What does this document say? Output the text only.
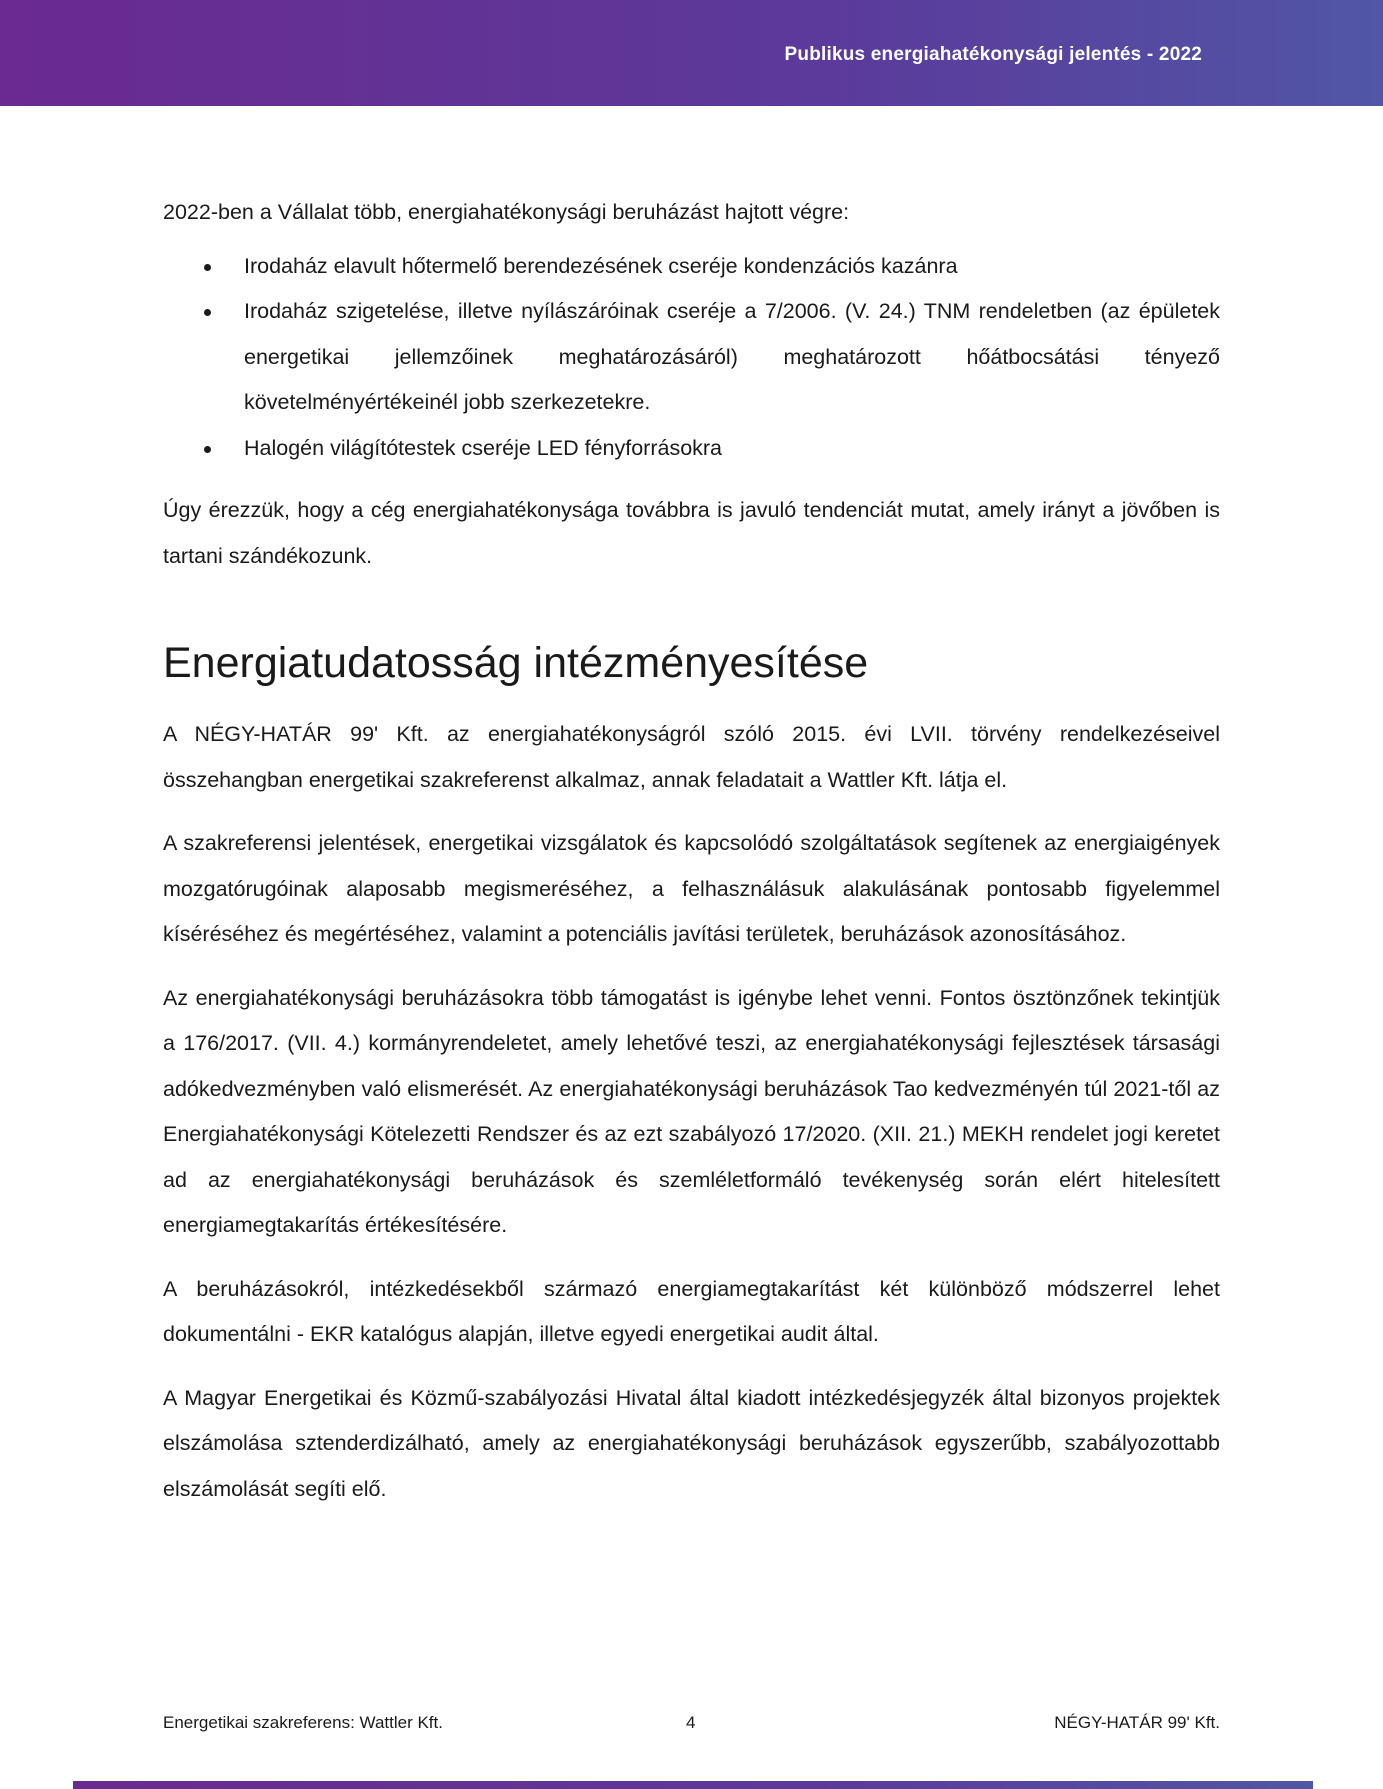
Publikus energiahatékonysági jelentés - 2022

2022-ben a Vállalat több, energiahatékonysági beruházást hajtott végre:

Irodaház elavult hőtermelő berendezésének cseréje kondenzációs kazánra
Irodaház szigetelése, illetve nyílászáróinak cseréje a 7/2006. (V. 24.) TNM rendeletben (az épületek energetikai jellemzőinek meghatározásáról) meghatározott hőátbocsátási tényező követelményértékeinél jobb szerkezetekre.
Halogén világítótestek cseréje LED fényforrásokra

Úgy érezzük, hogy a cég energiahatékonysága továbbra is javuló tendenciát mutat, amely irányt a jövőben is tartani szándékozunk.

Energiatudatosság intézményesítése

A NÉGY-HATÁR 99' Kft. az energiahatékonyságról szóló 2015. évi LVII. törvény rendelkezéseivel összehangban energetikai szakreferenst alkalmaz, annak feladatait a Wattler Kft. látja el.

A szakreferensi jelentések, energetikai vizsgálatok és kapcsolódó szolgáltatások segítenek az energiaigények mozgatórugóinak alaposabb megismeréséhez, a felhasználásuk alakulásának pontosabb figyelemmel kíséréséhez és megértéséhez, valamint a potenciális javítási területek, beruházások azonosításához.

Az energiahatékonysági beruházásokra több támogatást is igénybe lehet venni. Fontos ösztönzőnek tekintjük a 176/2017. (VII. 4.) kormányrendeletet, amely lehetővé teszi, az energiahatékonysági fejlesztések társasági adókedvezményben való elismerését. Az energiahatékonysági beruházások Tao kedvezményén túl 2021-től az Energiahatékonysági Kötelezetti Rendszer és az ezt szabályozó 17/2020. (XII. 21.) MEKH rendelet jogi keretet ad az energiahatékonysági beruházások és szemléletformáló tevékenység során elért hitelesített energiamegtakarítás értékesítésére.

A beruházásokról, intézkedésekből származó energiamegtakarítást két különböző módszerrel lehet dokumentálni - EKR katalógus alapján, illetve egyedi energetikai audit által.

A Magyar Energetikai és Közmű-szabályozási Hivatal által kiadott intézkedésjegyzék által bizonyos projektek elszámolása sztenderdizálható, amely az energiahatékonysági beruházások egyszerűbb, szabályozottabb elszámolását segíti elő.

Energetikai szakreferens: Wattler Kft.	4	NÉGY-HATÁR 99' Kft.
